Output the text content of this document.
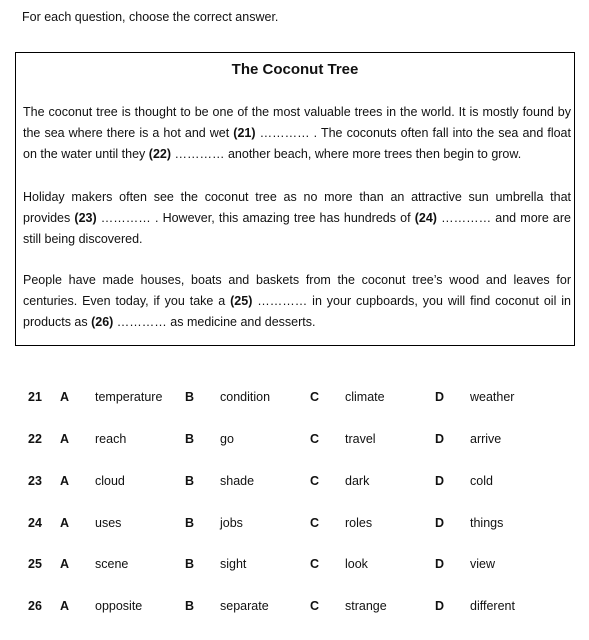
For each question, choose the correct answer.
The Coconut Tree

The coconut tree is thought to be one of the most valuable trees in the world. It is mostly found by the sea where there is a hot and wet (21) ………… . The coconuts often fall into the sea and float on the water until they (22) ………… another beach, where more trees then begin to grow.

Holiday makers often see the coconut tree as no more than an attractive sun umbrella that provides (23) ………… . However, this amazing tree has hundreds of (24) ………… and more are still being discovered.

People have made houses, boats and baskets from the coconut tree’s wood and leaves for centuries. Even today, if you take a (25) ………… in your cupboards, you will find coconut oil in products as (26) ………… as medicine and desserts.

21 A temperature B condition	C climate	D weather
22 A reach	B go	C travel	D arrive
23 A cloud	B shade	C dark	D cold
24 A uses	B jobs	C roles	D things
25 A scene	B sight	C look	D view
26 A opposite	B separate	C strange	D different
